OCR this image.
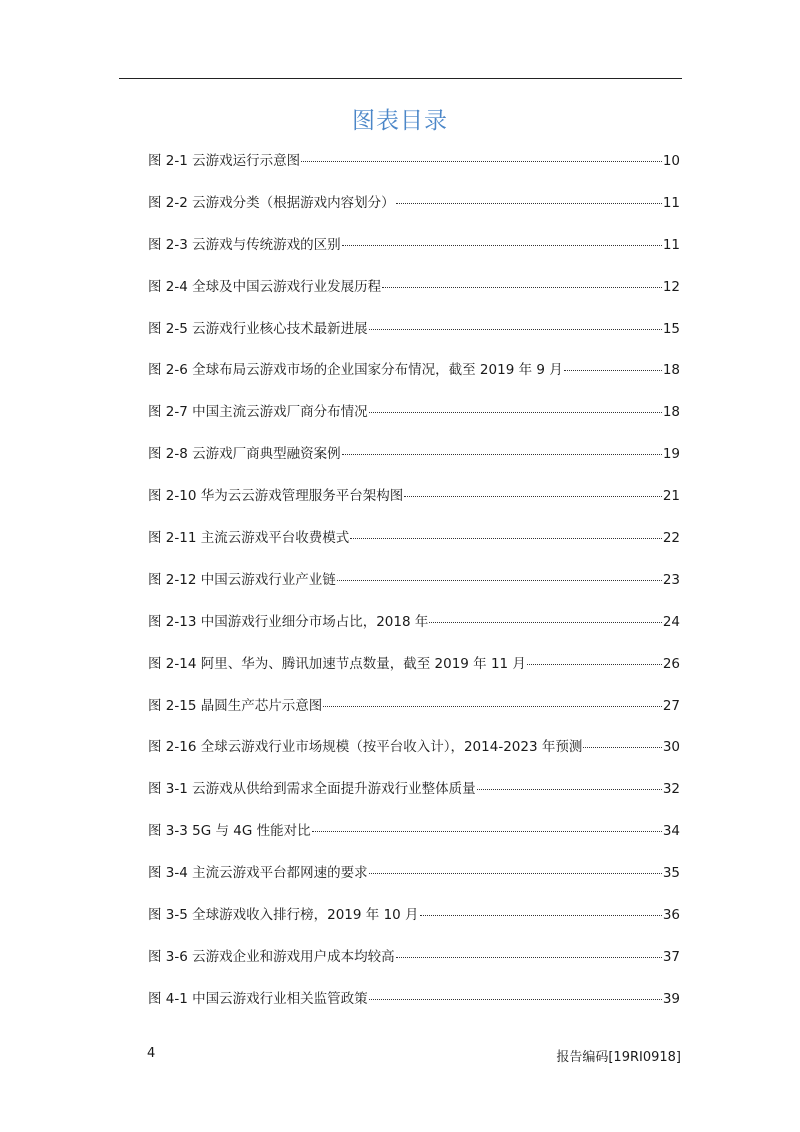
图表目录
图 2-1 云游戏运行示意图	10
图 2-2 云游戏分类（根据游戏内容划分）	11
图 2-3 云游戏与传统游戏的区别	11
图 2-4 全球及中国云游戏行业发展历程	12
图 2-5 云游戏行业核心技术最新进展	15
图 2-6 全球布局云游戏市场的企业国家分布情况，截至 2019 年 9 月	18
图 2-7 中国主流云游戏厂商分布情况	18
图 2-8 云游戏厂商典型融资案例	19
图 2-10 华为云云游戏管理服务平台架构图	21
图 2-11 主流云游戏平台收费模式	22
图 2-12 中国云游戏行业产业链	23
图 2-13 中国游戏行业细分市场占比，2018 年	24
图 2-14 阿里、华为、腾讯加速节点数量，截至 2019 年 11 月	26
图 2-15 晶圆生产芯片示意图	27
图 2-16 全球云游戏行业市场规模（按平台收入计），2014-2023 年预测	30
图 3-1 云游戏从供给到需求全面提升游戏行业整体质量	32
图 3-3 5G 与 4G 性能对比	34
图 3-4 主流云游戏平台都网速的要求	35
图 3-5 全球游戏收入排行榜，2019 年 10 月	36
图 3-6 云游戏企业和游戏用户成本均较高	37
图 4-1 中国云游戏行业相关监管政策	39
4	报告编码[19RI0918]
